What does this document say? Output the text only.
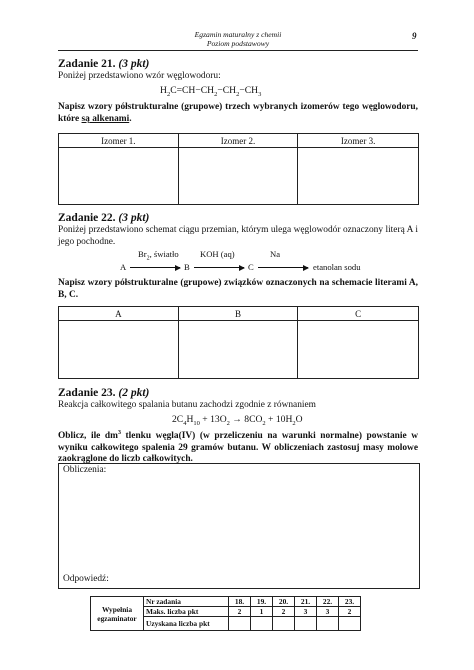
Egzamin maturalny z chemii
Poziom podstawowy
9
Zadanie 21. (3 pkt)
Poniżej przedstawiono wzór węglowodoru:
$H_2C=CH-CH_2-CH_2-CH_3$
Napisz wzory półstrukturalne (grupowe) trzech wybranych izomerów tego węglowodoru, które są alkenami.
Izomer 1.	Izomer 2.	Izomer 3.

Zadanie 22. (3 pkt)
Poniżej przedstawiono schemat ciągu przemian, którym ulega węglowodór oznaczony literą A i jego pochodne.
A
$Br_2$, światło
B
KOH (aq)
C
Na
etanolan sodu
Napisz wzory półstrukturalne (grupowe) związków oznaczonych na schemacie literami A, B, C.
A	B	C

Zadanie 23. (2 pkt)
Reakcja całkowitego spalania butanu zachodzi zgodnie z równaniem
$2C_4H_{10} + 13O_2 \to 8CO_2 + 10H_2O$
Oblicz, ile $dm^3$ tlenku węgla(IV) (w przeliczeniu na warunki normalne) powstanie w wyniku całkowitego spalenia 29 gramów butanu. W obliczeniach zastosuj masy molowe zaokrąglone do liczb całkowitych.
Obliczenia:
Odpowiedź:
Wypełnia
egzaminator	Nr zadania	18.	19.	20.	21.	22.	23.
	Maks. liczba pkt	2	1	2	3	3	2
	Uzyskana liczba pkt						
